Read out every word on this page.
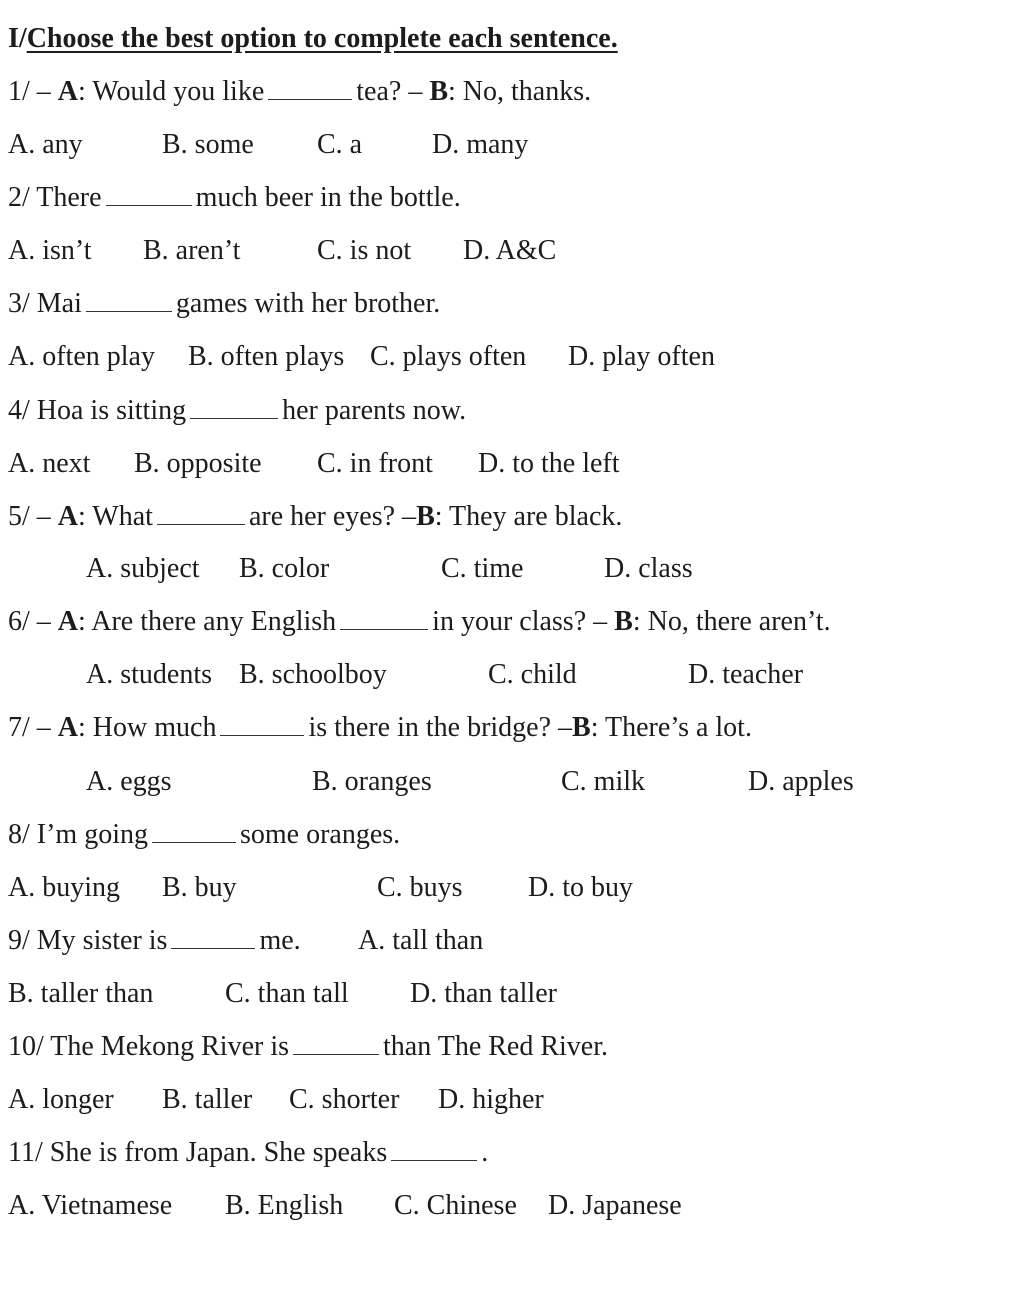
I/Choose the best option to complete each sentence.
1/ – A: Would you like	tea? – B: No, thanks.
A. any	B. some C. a D. many
2/ There	much beer in the bottle.
A. isn’t B. aren’t	C. is not D. A&C
3/ Mai	games with her brother.
A. often play B. often plays C. plays often D. play often
4/ Hoa is sitting	her parents now.
A. next B. opposite C. in front D. to the left
5/ – A: What	are her eyes? –B: They are black.
A. subject B. color	C. time	D. class
6/ – A: Are there any English	in your class? – B: No, there aren’t.
A. students B. schoolboy	C. child	D. teacher
7/ – A: How much	is there in the bridge? –B: There’s a lot.
A. eggs	B. oranges	C. milk	D. apples
8/ I’m going	some oranges.
A. buying B. buy	C. buys D. to buy
9/ My sister is	me. A. tall than
B. taller than	C. than tall D. than taller
10/ The Mekong River is	than The Red River.
A. longer B. taller C. shorter D. higher
11/ She is from Japan. She speaks	.
A. Vietnamese B. English C. Chinese D. Japanese
